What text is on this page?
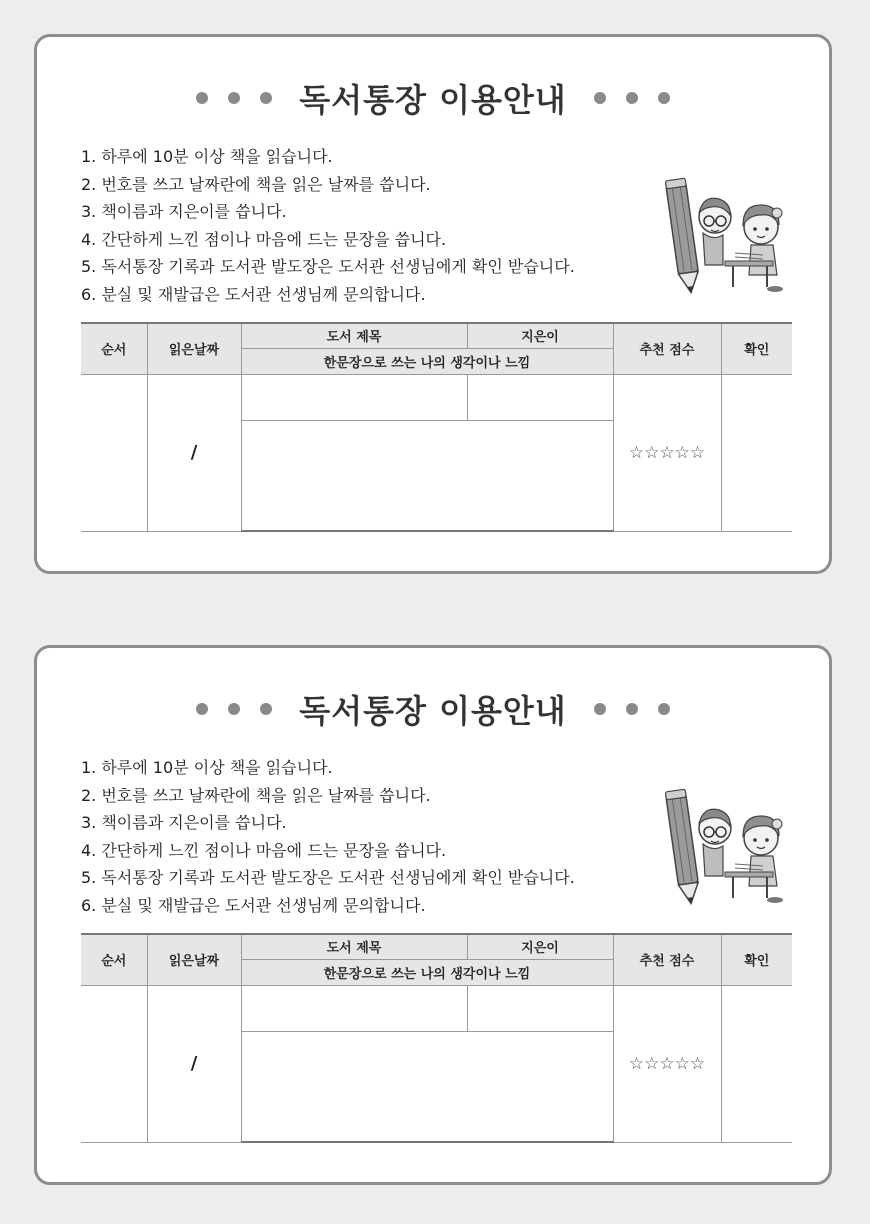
독서통장 이용안내
1. 하루에 10분 이상 책을 읽습니다.
2. 번호를 쓰고 날짜란에 책을 읽은 날짜를 씁니다.
3. 책이름과 지은이를 씁니다.
4. 간단하게 느낀 점이나 마음에 드는 문장을 씁니다.
5. 독서통장 기록과 도서관 발도장은 도서관 선생님에게 확인 받습니다.
6. 분실 및 재발급은 도서관 선생님께 문의합니다.
순서	읽은날짜	도서 제목	지은이	추천 점수	확인
		한문장으로 쓰는 나의 생각이나 느낌			
	/			☆☆☆☆☆	

독서통장 이용안내
1. 하루에 10분 이상 책을 읽습니다.
2. 번호를 쓰고 날짜란에 책을 읽은 날짜를 씁니다.
3. 책이름과 지은이를 씁니다.
4. 간단하게 느낀 점이나 마음에 드는 문장을 씁니다.
5. 독서통장 기록과 도서관 발도장은 도서관 선생님에게 확인 받습니다.
6. 분실 및 재발급은 도서관 선생님께 문의합니다.
순서	읽은날짜	도서 제목	지은이	추천 점수	확인
		한문장으로 쓰는 나의 생각이나 느낌			
	/			☆☆☆☆☆	
